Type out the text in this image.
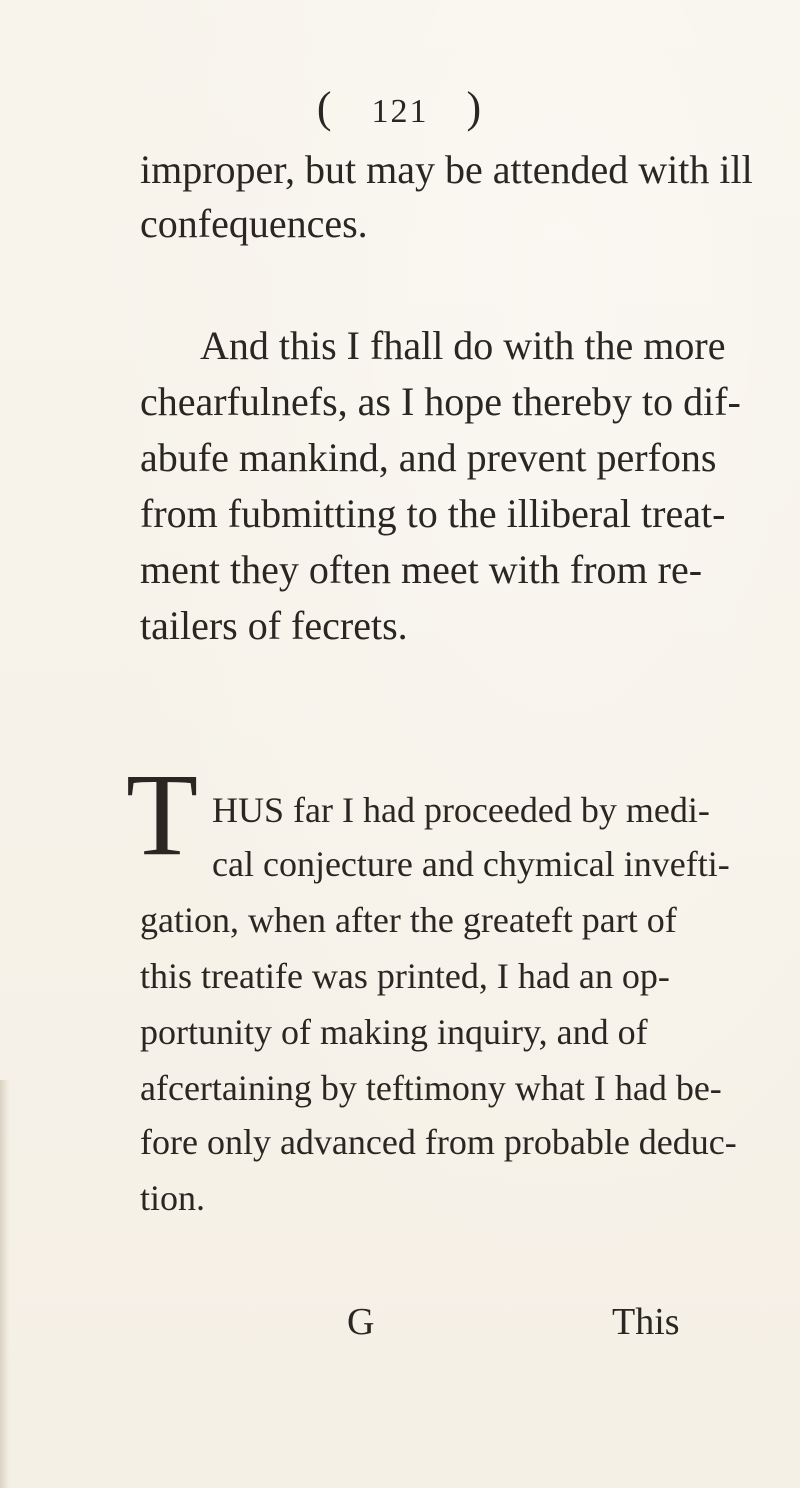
( 121 )
improper, but may be attended with ill
confequences.
And this I fhall do with the more
chearfulnefs, as I hope thereby to dif-
abufe mankind, and prevent perfons
from fubmitting to the illiberal treat-
ment they often meet with from re-
tailers of fecrets.
T HUS far I had proceeded by medi-
cal conjecture and chymical invefti-
gation, when after the greateft part of
this treatife was printed, I had an op-
portunity of making inquiry, and of
afcertaining by teftimony what I had be-
fore only advanced from probable deduc-
tion.
G	This
